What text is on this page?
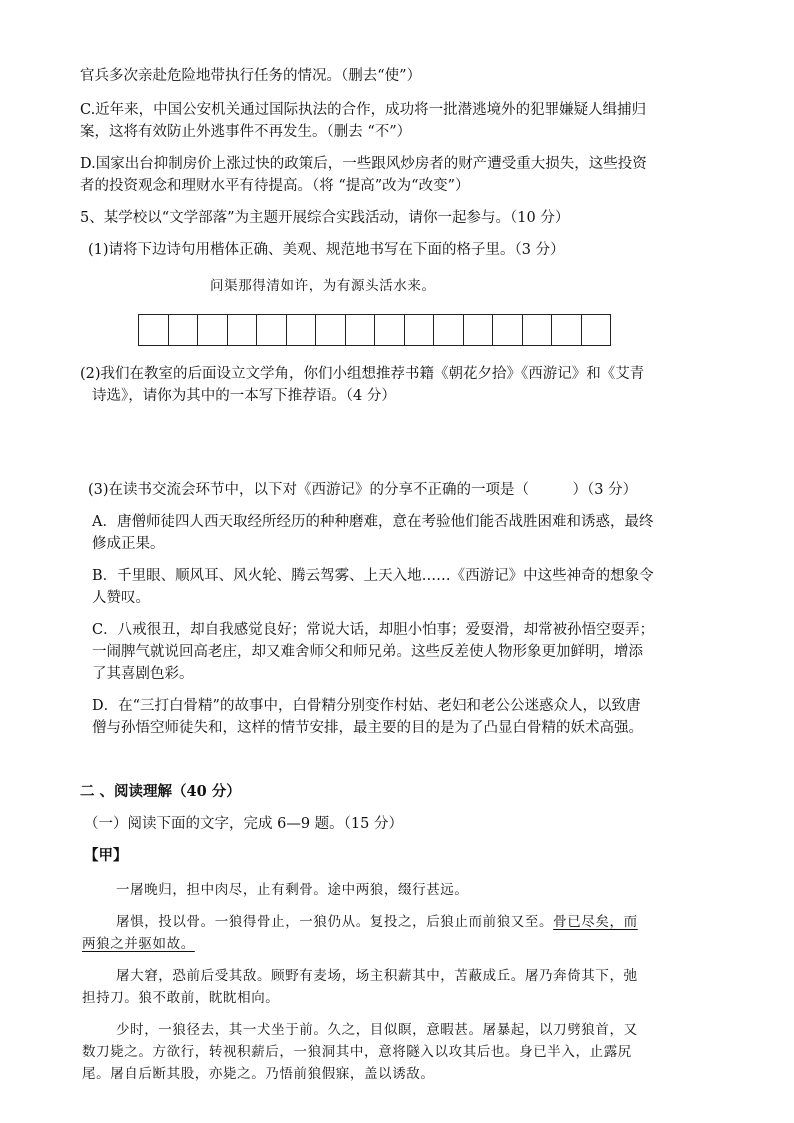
官兵多次亲赴危险地带执行任务的情况。（删去“使”）
C.近年来，中国公安机关通过国际执法的合作，成功将一批潜逃境外的犯罪嫌疑人缉捕归
案，这将有效防止外逃事件不再发生。（删去 “不”）
D.国家出台抑制房价上涨过快的政策后，一些跟风炒房者的财产遭受重大损失，这些投资
者的投资观念和理财水平有待提高。（将 “提高”改为“改变”）
5、某学校以“文学部落”为主题开展综合实践活动，请你一起参与。（10 分）
(1)请将下边诗句用楷体正确、美观、规范地书写在下面的格子里。（3 分）
问渠那得清如许，为有源头活水来。
(2)我们在教室的后面设立文学角，你们小组想推荐书籍《朝花夕拾》《西游记》和《艾青
诗选》，请你为其中的一本写下推荐语。（4 分）
(3)在读书交流会环节中，以下对《西游记》的分享不正确的一项是（　　　）（3 分）
A．唐僧师徒四人西天取经所经历的种种磨难，意在考验他们能否战胜困难和诱惑，最终
修成正果。
B．千里眼、顺风耳、风火轮、腾云驾雾、上天入地……《西游记》中这些神奇的想象令
人赞叹。
C．八戒很丑，却自我感觉良好；常说大话，却胆小怕事；爱耍滑，却常被孙悟空耍弄；
一闹脾气就说回高老庄，却又难舍师父和师兄弟。这些反差使人物形象更加鲜明，增添
了其喜剧色彩。
D．在“三打白骨精”的故事中，白骨精分别变作村姑、老妇和老公公迷惑众人，以致唐
僧与孙悟空师徒失和，这样的情节安排，最主要的目的是为了凸显白骨精的妖术高强。
二 、阅读理解（40 分）
（一）阅读下面的文字，完成 6—9 题。（15 分）
【甲】
一屠晚归，担中肉尽，止有剩骨。途中两狼，缀行甚远。
屠惧，投以骨。一狼得骨止，一狼仍从。复投之，后狼止而前狼又至。骨已尽矣，而
两狼之并驱如故。
屠大窘，恐前后受其敌。顾野有麦场，场主积薪其中，苫蔽成丘。屠乃奔倚其下，弛
担持刀。狼不敢前，眈眈相向。
少时，一狼径去，其一犬坐于前。久之，目似瞑，意暇甚。屠暴起，以刀劈狼首，又
数刀毙之。方欲行，转视积薪后，一狼洞其中，意将隧入以攻其后也。身已半入，止露尻
尾。屠自后断其股，亦毙之。乃悟前狼假寐，盖以诱敌。
